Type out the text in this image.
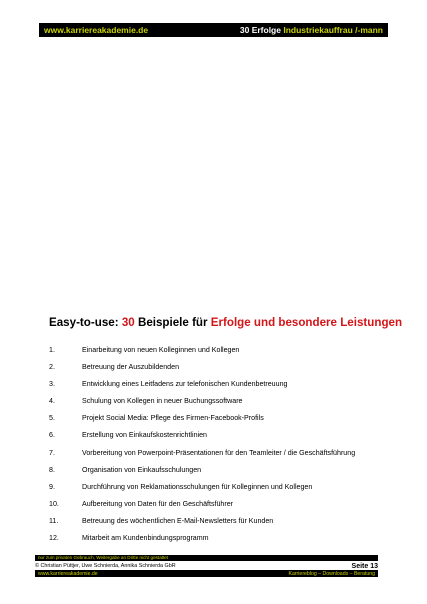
www.karriereakademie.de	30 Erfolge Industriekauffrau /-mann
Easy-to-use: 30 Beispiele für Erfolge und besondere Leistungen
1.	Einarbeitung von neuen Kolleginnen und Kollegen
2.	Betreuung der Auszubildenden
3.	Entwicklung eines Leitfadens zur telefonischen Kundenbetreuung
4.	Schulung von Kollegen in neuer Buchungssoftware
5.	Projekt Social Media: Pflege des Firmen-Facebook-Profils
6.	Erstellung von Einkaufskostenrichtlinien
7.	Vorbereitung von Powerpoint-Präsentationen für den Teamleiter / die Geschäftsführung
8.	Organisation von Einkaufsschulungen
9.	Durchführung von Reklamationsschulungen für Kolleginnen und Kollegen
10.	Aufbereitung von Daten für den Geschäftsführer
11.	Betreuung des wöchentlichen E-Mail-Newsletters für Kunden
12.	Mitarbeit am Kundenbindungsprogramm
nur zum privaten Gebrauch, Weitergabe an Dritte nicht gestattet
© Christian Püttjer, Uwe Schnierda, Annika Schnierda GbR	Seite 13
www.karriereakademie.de	Karriereblog – Downloads – Beratung
